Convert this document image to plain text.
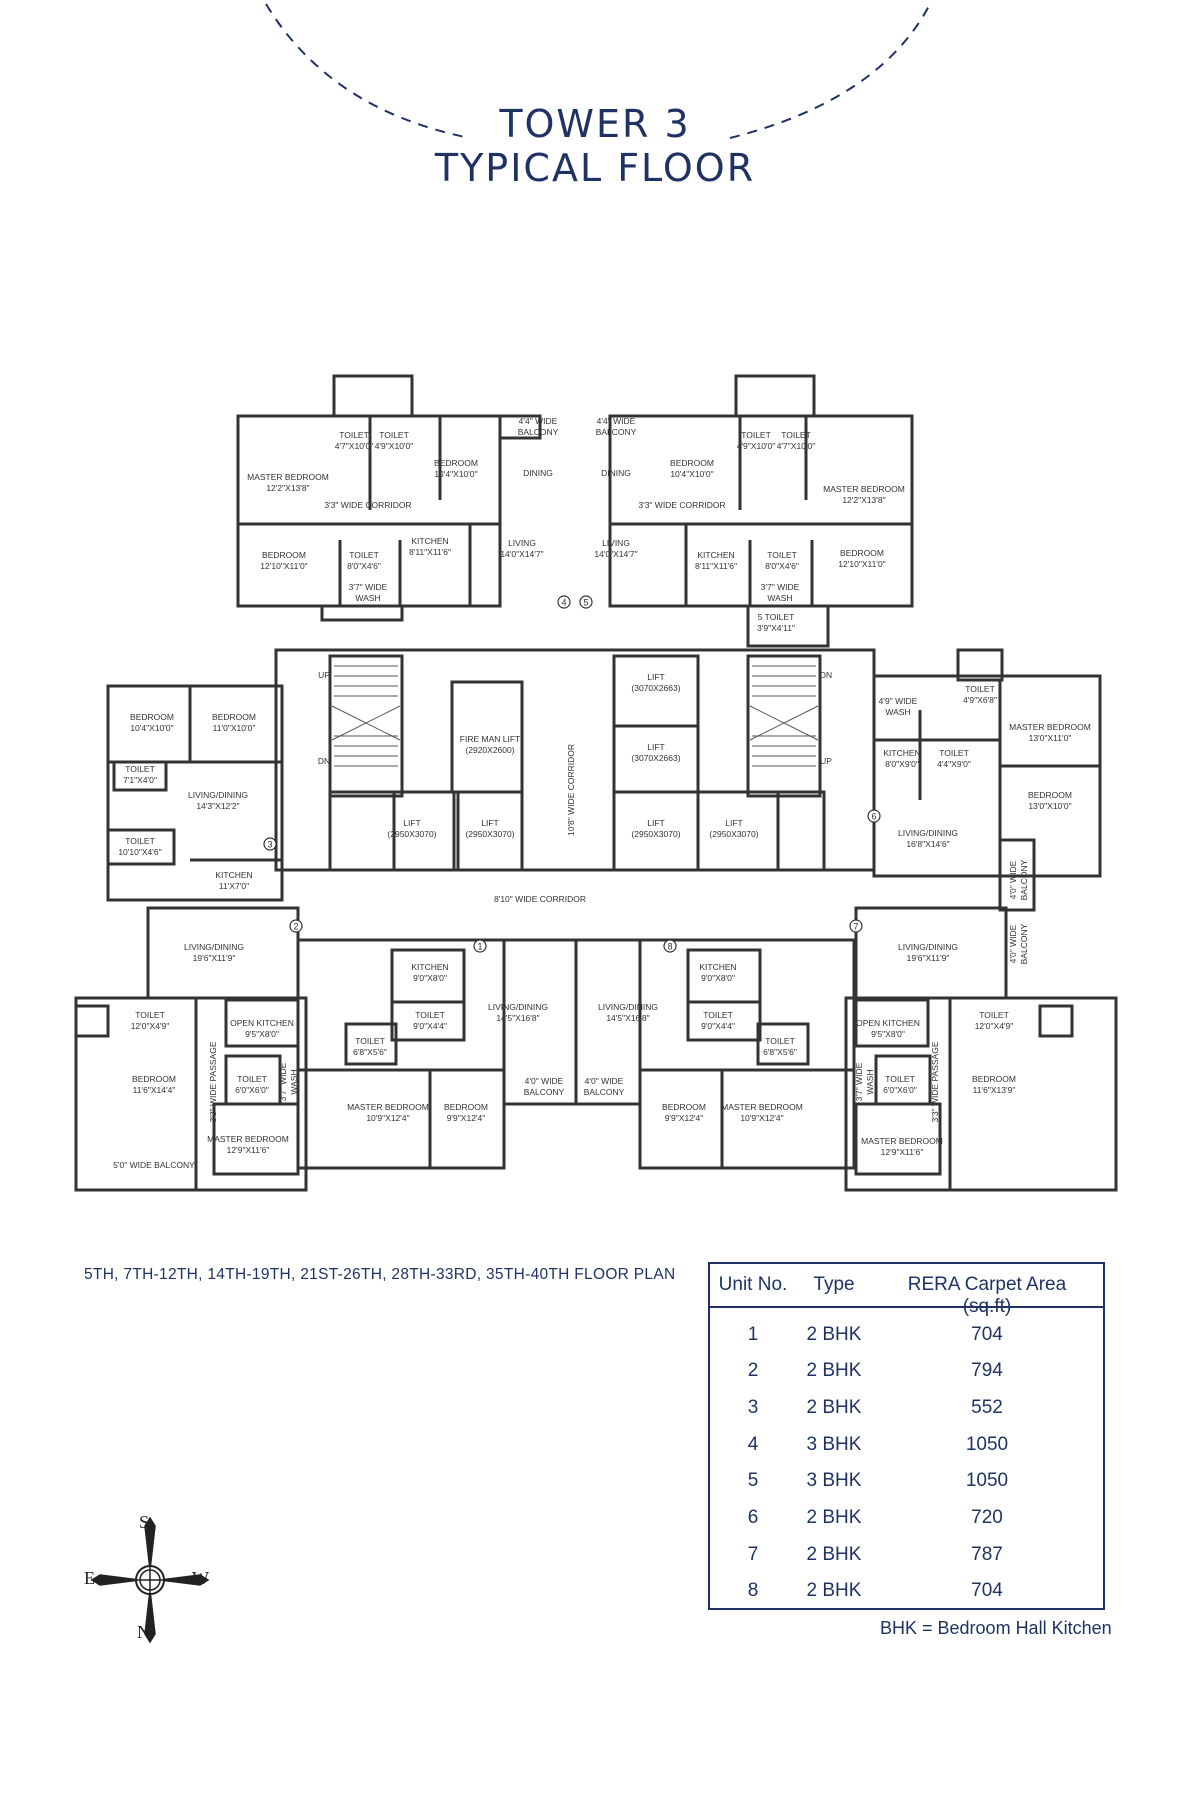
TOWER 3
TYPICAL FLOOR
TOILET 4'7"X10'0"
TOILET 4'9"X10'0"
BEDROOM 10'4"X10'0"
4'4" WIDE BALCONY
MASTER BEDROOM 12'2"X13'8"
DINING
3'3" WIDE CORRIDOR
BEDROOM 12'10"X11'0"
TOILET 8'0"X4'6"
KITCHEN 8'11"X11'6"
LIVING 14'0"X14'7"
3'7" WIDE WASH
4'4" WIDE BALCONY
BEDROOM 10'4"X10'0"
TOILET 4'9"X10'0"
TOILET 4'7"X10'0"
DINING
3'3" WIDE CORRIDOR
MASTER BEDROOM 12'2"X13'8"
LIVING 14'0"X14'7"	KITCHEN 8'11"X11'6"
TOILET 8'0"X4'6"
BEDROOM 12'10"X11'0"
3'7" WIDE WASH
5 TOILET 3'9"X4'11"
UP
DN
FIRE MAN LIFT (2920X2600)
LIFT (2950X3070)
LIFT (2950X3070)	10'8" WIDE CORRIDOR
LIFT (3070X2663)
LIFT (3070X2663)
LIFT (2950X3070)
LIFT (2950X3070)
DN
UP
8'10" WIDE CORRIDOR
BEDROOM 10'4"X10'0"
BEDROOM 11'0"X10'0"
TOILET 7'1"X4'0"
LIVING/DINING 14'3"X12'2"
TOILET 10'10"X4'6"
KITCHEN 11'X7'0"
4'9" WIDE WASH
TOILET 4'9"X6'8"
MASTER BEDROOM 13'0"X11'0"
KITCHEN 8'0"X9'0"
TOILET 4'4"X9'0"
BEDROOM 13'0"X10'0"
LIVING/DINING 16'8"X14'6"
4'0" WIDEBALCONY
4'0" WIDEBALCONY
LIVING/DINING 19'6"X11'9"
TOILET 12'0"X4'9"	OPEN KITCHEN 9'5"X8'0"
BEDROOM 11'6"X14'4"
TOILET 6'0"X6'0"
3'3" WIDE PASSAGE	3'7" WIDEWASH
MASTER BEDROOM 12'9"X11'6"
5'0" WIDE BALCONY
KITCHEN 9'0"X8'0"
TOILET 9'0"X4'4"
TOILET 6'8"X5'6"
LIVING/DINING 14'5"X16'8"
MASTER BEDROOM 10'9"X12'4"
BEDROOM 9'9"X12'4"
4'0" WIDE BALCONY
LIVING/DINING 14'5"X16'8"
4'0" WIDE BALCONY
KITCHEN 9'0"X8'0"
TOILET 9'0"X4'4"
TOILET 6'8"X5'6"
BEDROOM 9'9"X12'4"
MASTER BEDROOM 10'9"X12'4"
LIVING/DINING 19'6"X11'9"
OPEN KITCHEN 9'5"X8'0"
TOILET 12'0"X4'9"
TOILET 6'0"X6'0"
3'7" WIDEWASH	3'3" WIDE PASSAGE	BEDROOM 11'6"X13'9"
MASTER BEDROOM 12'9"X11'6"
1
2
3
4 5
6
7
8
5TH, 7TH-12TH, 14TH-19TH, 21ST-26TH, 28TH-33RD, 35TH-40TH FLOOR PLAN Unit No.	Type	RERA Carpet Area (sq.ft)
1	2 BHK	704
2	2 BHK	794
3	2 BHK	552
4	3 BHK	1050
5	3 BHK	1050
6	2 BHK	720
7	2 BHK	787
8	2 BHK	704
BHK = Bedroom Hall Kitchen
S
N
E	W
